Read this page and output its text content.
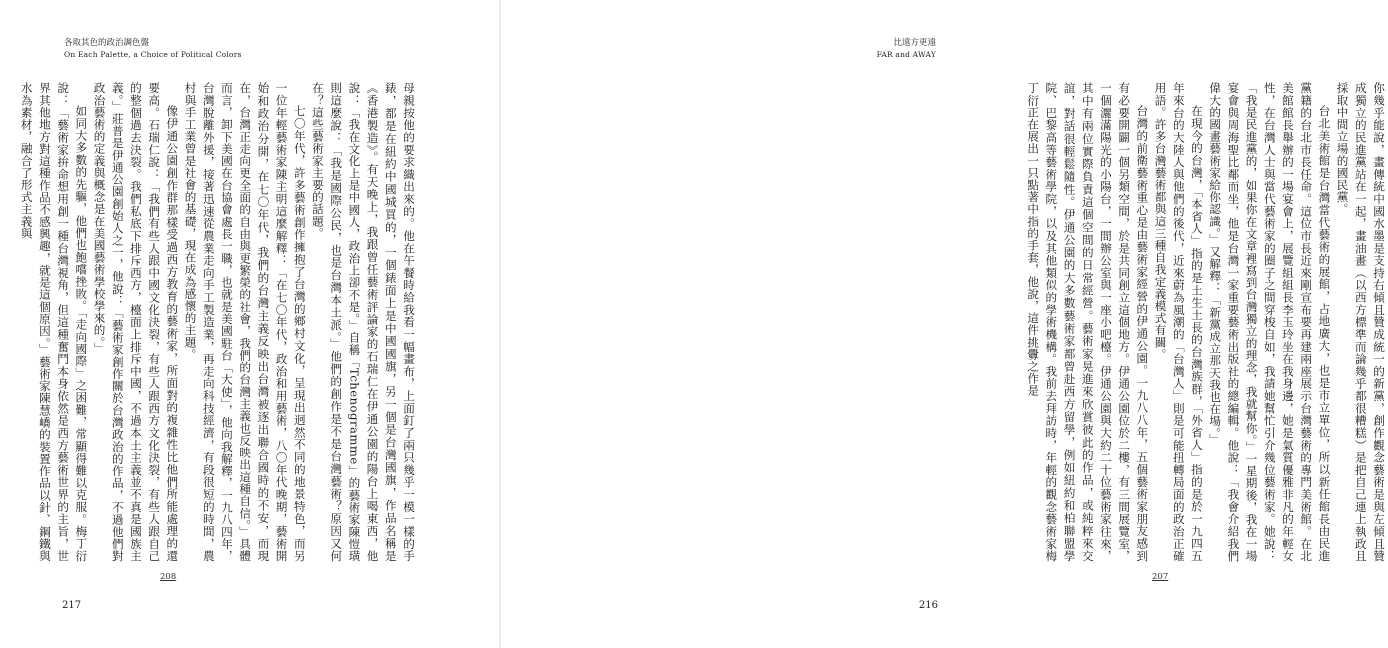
各取其色的政治調色盤
On Each Palette, a Choice of Political Colors

母親按他的要求織出來的。他在午餐時給我看一幅畫布，上面釘了兩只幾乎一模一樣的手錶，都是在紐約中國城買的，一個錶面上是中國國旗，另一個是台灣國旗，作品名稱是《香港製造》。有天晚上，我跟曾任藝術評論家的石瑞仁在伊通公園的陽台上喝東西，他說：「我在文化上是中國人，政治上卻不是。」自稱「Tchenogramme」的藝術家陳愷璜則這麼說：「我是國際公民，也是台灣本土派。」他們的創作是不是台灣藝術？原因又何在？這些藝術家主要的話題。

七〇年代，許多藝術創作擁抱了台灣的鄉村文化，呈現出迥然不同的地景特色，而另一位年輕藝術家陳主明這麼解釋：「在七〇年代，政治和用藝術，八〇年代晚期，藝術開始和政治分開，在七〇年代，我們的台灣主義反映出台灣被逐出聯合國時的不安，而現在，台灣正走向更全面的自由與更繁榮的社會，我們的台灣主義也反映出這種自信。」具體而言，卸下美國在台協會處長一職，也就是美國駐台「大使」，他向我解釋，一九八四年，台灣脫離外援，接著迅速從農業走向手工製造業，再走向科技經濟，有段很短的時間，農村與手工業曾是社會的基礎，現在成為感懷的主題。

像伊通公園創作群那樣受過西方教育的藝術家，所面對的複雜性比他們所能處理的還要高。石瑞仁說：「我們有些人跟中國文化決裂，有些人跟西方文化決裂，有些人跟自己的整個過去決裂。我們私底下排斥西方，檯面上排斥中國，不過本土主義並不真是國族主義。」莊普是伊通公園創始人之一，他說：「藝術家創作關於台灣政治的作品，不過他們對政治藝術的定義與概念是在美國藝術學校學來的。」

如同大多數的先驅，他們也飽嚐挫敗。「走向國際」之困難，常顯得難以克服。梅丁衍說：「藝術家拚命想用創一種台灣視角，但這種奮鬥本身依然是西方藝術世界的主旨，世界其他地方對這種作品不感興趣，就是這個原因。」藝術家陳慧嶠的裝置作品以針、鋼鐵與水為素材，融合了形式主義與

208
217
比遠方更遠
FAR and AWAY

你幾乎能說，畫傳統中國水墨是支持右傾且贊成統一的新黨，創作觀念藝術是與左傾且贊成獨立的民進黨站在一起，畫油畫（以西方標準而論幾乎都很糟糕）是把自己連上執政且採取中間立場的國民黨。

台北美術館是台灣當代藝術的展館，占地廣大，也是市立單位，所以新任館長由民進黨籍的台北市長任命。這位市長近來剛宣布要再建兩座展示台灣藝術的專門美術館。在北美館館長舉辦的一場宴會上，展覽組組長李玉玲坐在我身邊，她是氣質優雅非凡的年輕女性，在台灣人士與當代藝術家的圈子之間穿梭自如，我請她幫忙引介幾位藝術家。她說：「我是民進黨的，如果你在文章裡寫到台灣獨立的理念，我就幫你。」一星期後，我在一場宴會與周海聖比鄰而坐，他是台灣一家重要藝術出版社的總編輯。他說：「我會介紹我們偉大的國畫藝術家給你認識。」又解釋：「新黨成立那天我也在場。」

在現今的台灣，「本省人」指的是土生土長的台灣族群，「外省人」指的是於一九四五年來台的大陸人與他們的後代，近來蔚為風潮的「台灣人」則是可能扭轉局面的政治正確用語。許多台灣藝術都與這三種自我定義模式有關。

台灣的前衛藝術重心是由藝術家經營的伊通公園。一九八八年，五個藝術家朋友感到有必要開闢一個另類空間，於是共同創立這個地方。伊通公園位於二樓，有三間展覽室，一個灑滿陽光的小陽台，一間辦公室與一座小吧檯。伊通公園與大約二十位藝術家往來，其中有兩位實際負責這個空間的日常經營。藝術家晃進來欣賞彼此的作品，或純粹來交誼，對話很輕鬆隨性。伊通公園的大多數藝術家都曾赴西方留學，例如紐約和柏聯盟學院、巴黎高等藝術學院，以及其他類似的學術機構。我前去拜訪時，年輕的觀念藝術家梅丁衍正在展出一只點著中指的手套，他說，這件挑釁之作是

207
216
